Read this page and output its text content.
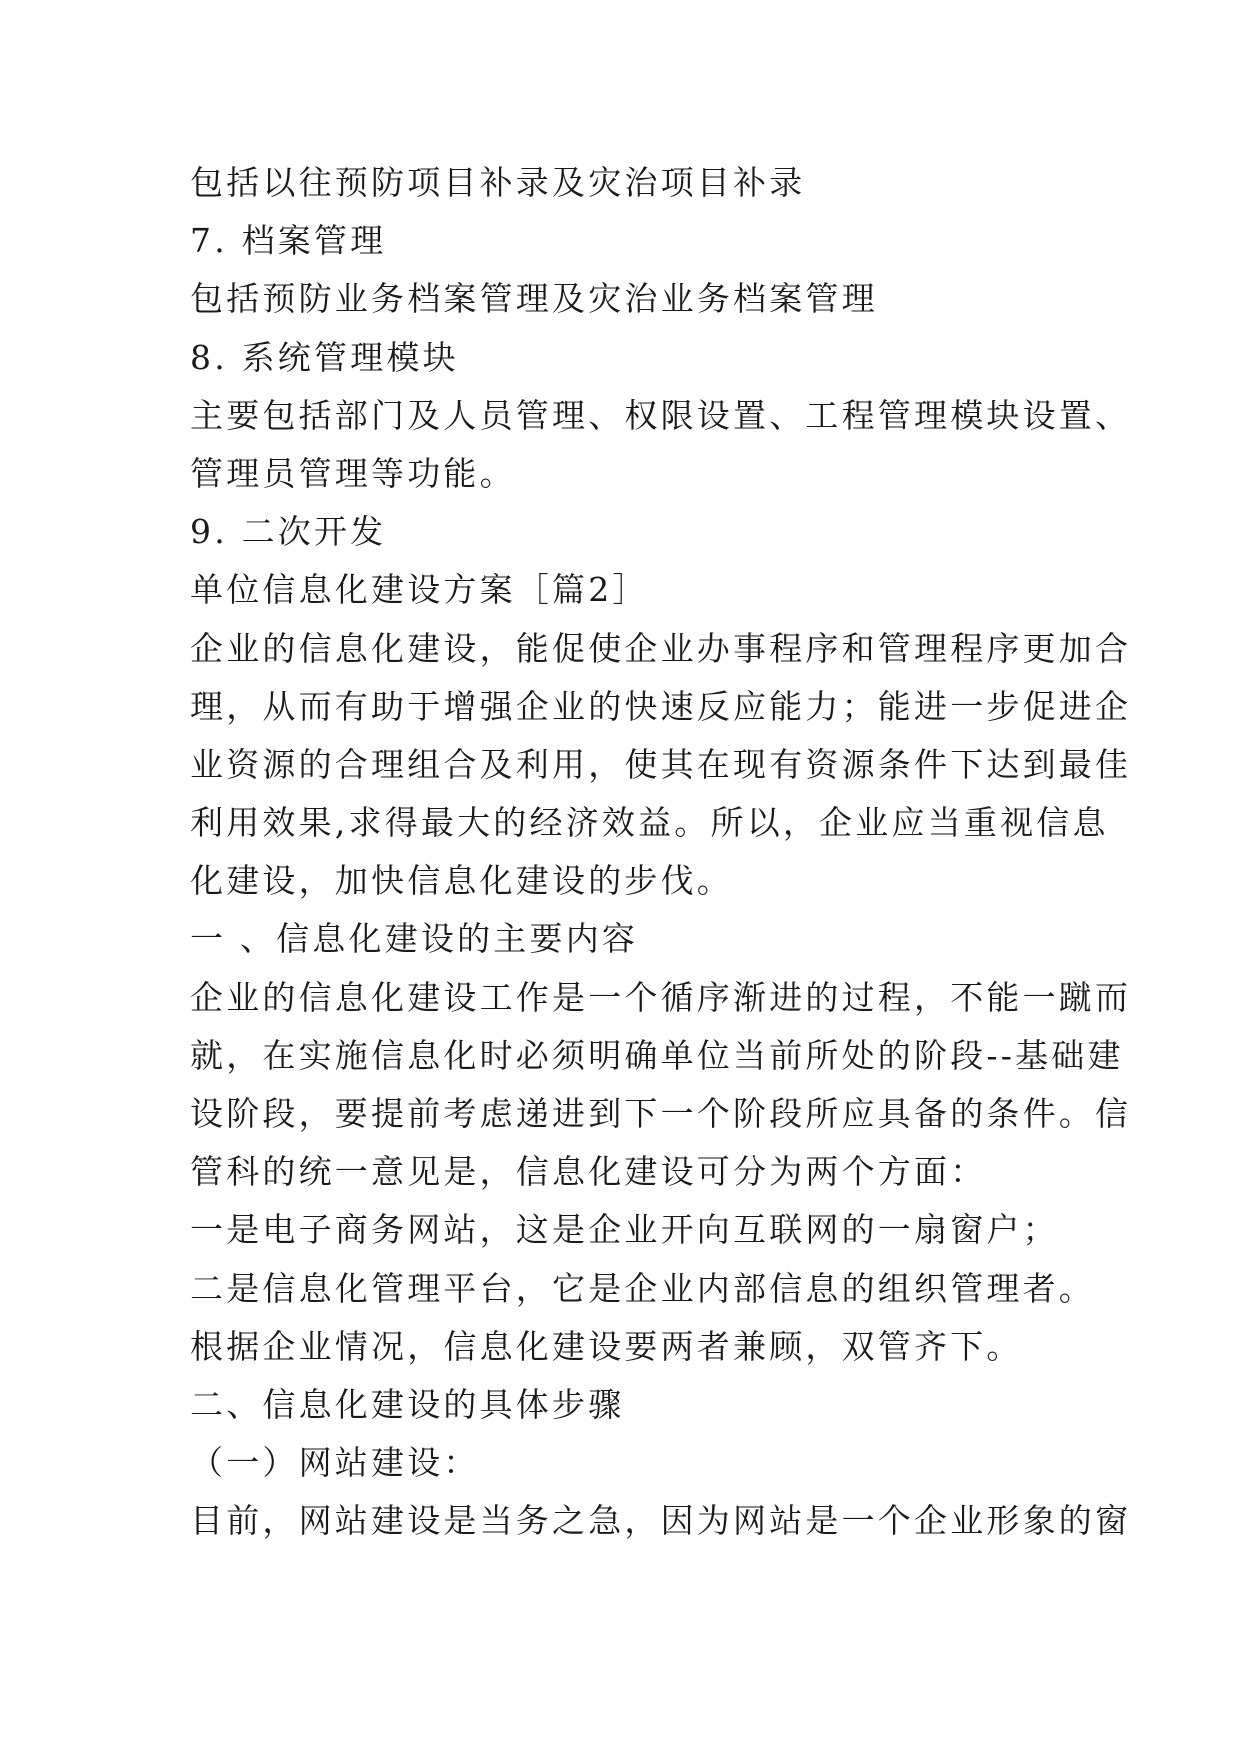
包括以往预防项目补录及灾治项目补录
7. 档案管理
包括预防业务档案管理及灾治业务档案管理
8. 系统管理模块
主要包括部门及人员管理、权限设置、工程管理模块设置、
管理员管理等功能。
9. 二次开发
单位信息化建设方案［篇2］
企业的信息化建设，能促使企业办事程序和管理程序更加合
理，从而有助于增强企业的快速反应能力；能进一步促进企
业资源的合理组合及利用，使其在现有资源条件下达到最佳
利用效果,求得最大的经济效益。所以，企业应当重视信息
化建设，加快信息化建设的步伐。
一 、信息化建设的主要内容
企业的信息化建设工作是一个循序渐进的过程，不能一蹴而
就，在实施信息化时必须明确单位当前所处的阶段--基础建
设阶段，要提前考虑递进到下一个阶段所应具备的条件。信
管科的统一意见是，信息化建设可分为两个方面：
一是电子商务网站，这是企业开向互联网的一扇窗户；
二是信息化管理平台，它是企业内部信息的组织管理者。
根据企业情况，信息化建设要两者兼顾，双管齐下。
二、信息化建设的具体步骤
（一）网站建设：
目前，网站建设是当务之急，因为网站是一个企业形象的窗
